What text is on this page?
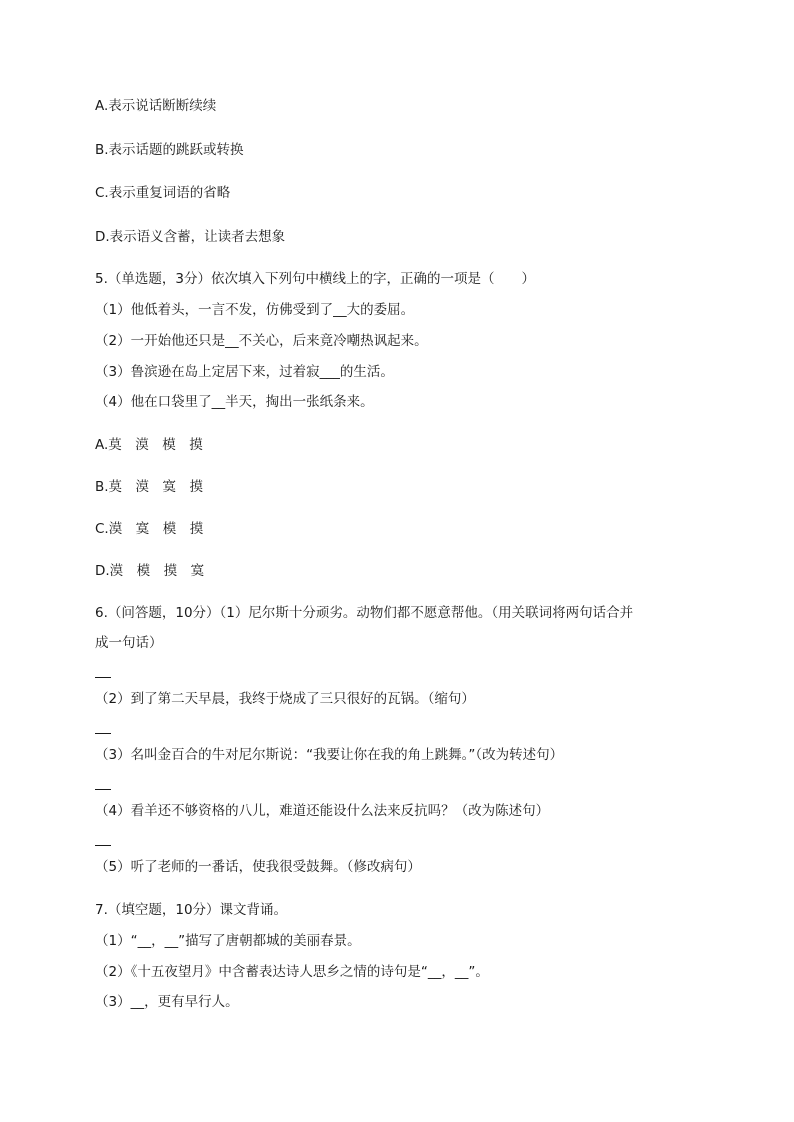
A.表示说话断断续续
B.表示话题的跳跃或转换
C.表示重复词语的省略
D.表示语义含蓄，让读者去想象
5.（单选题，3分）依次填入下列句中横线上的字，正确的一项是（　　）
（1）他低着头，一言不发，仿佛受到了__大的委屈。
（2）一开始他还只是__不关心，后来竟冷嘲热讽起来。
（3）鲁滨逊在岛上定居下来，过着寂___的生活。
（4）他在口袋里了__半天，掏出一张纸条来。
A.莫　漠　模　摸
B.莫　漠　寞　摸
C.漠　寞　模　摸
D.漠　模　摸　寞
6.（问答题，10分）（1）尼尔斯十分顽劣。动物们都不愿意帮他。（用关联词将两句话合并
成一句话）
（2）到了第二天早晨，我终于烧成了三只很好的瓦锅。（缩句）
（3）名叫金百合的牛对尼尔斯说：“我要让你在我的角上跳舞。”（改为转述句）
（4）看羊还不够资格的八儿，难道还能设什么法来反抗吗？（改为陈述句）
（5）听了老师的一番话，使我很受鼓舞。（修改病句）
7.（填空题，10分）课文背诵。
（1）“__，__”描写了唐朝都城的美丽春景。
（2）《十五夜望月》中含蓄表达诗人思乡之情的诗句是“__，__”。
（3）__，更有早行人。
